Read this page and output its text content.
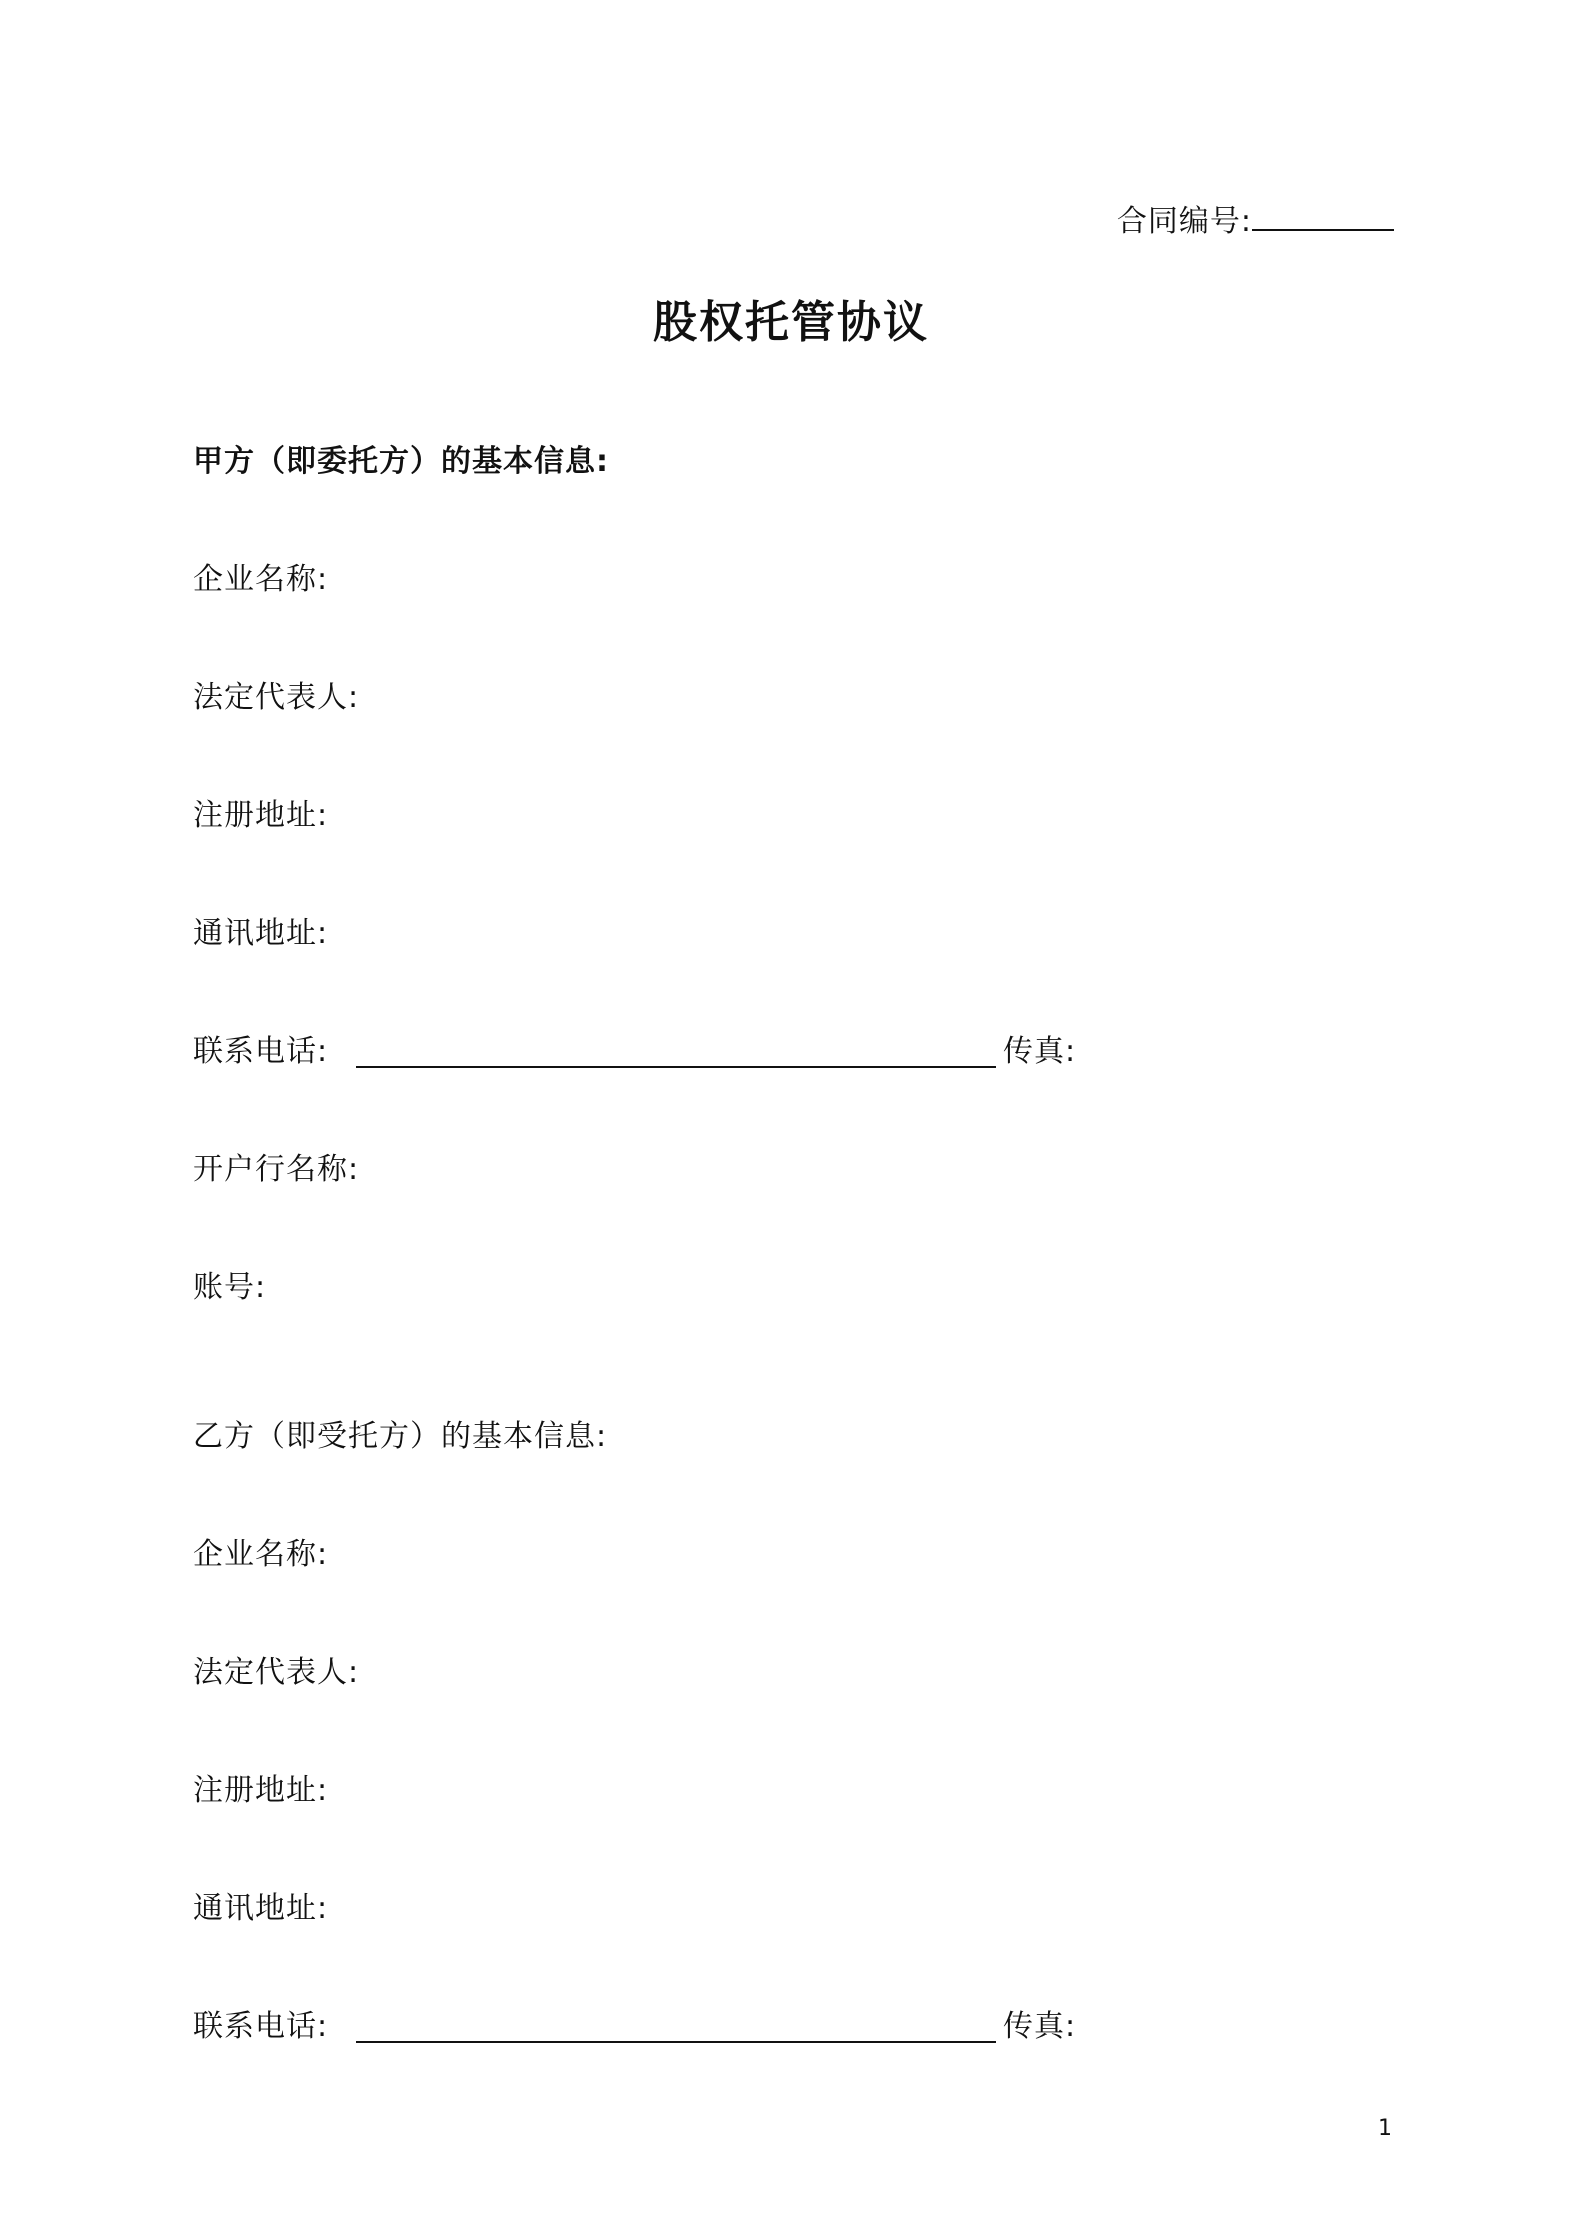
合同编号:
股权托管协议
甲方（即委托方）的基本信息:
企业名称:
法定代表人:
注册地址:
通讯地址:
联系电话:	传真:
开户行名称:
账号:
乙方（即受托方）的基本信息:
企业名称:
法定代表人:
注册地址:
通讯地址:
联系电话:	传真:
1
